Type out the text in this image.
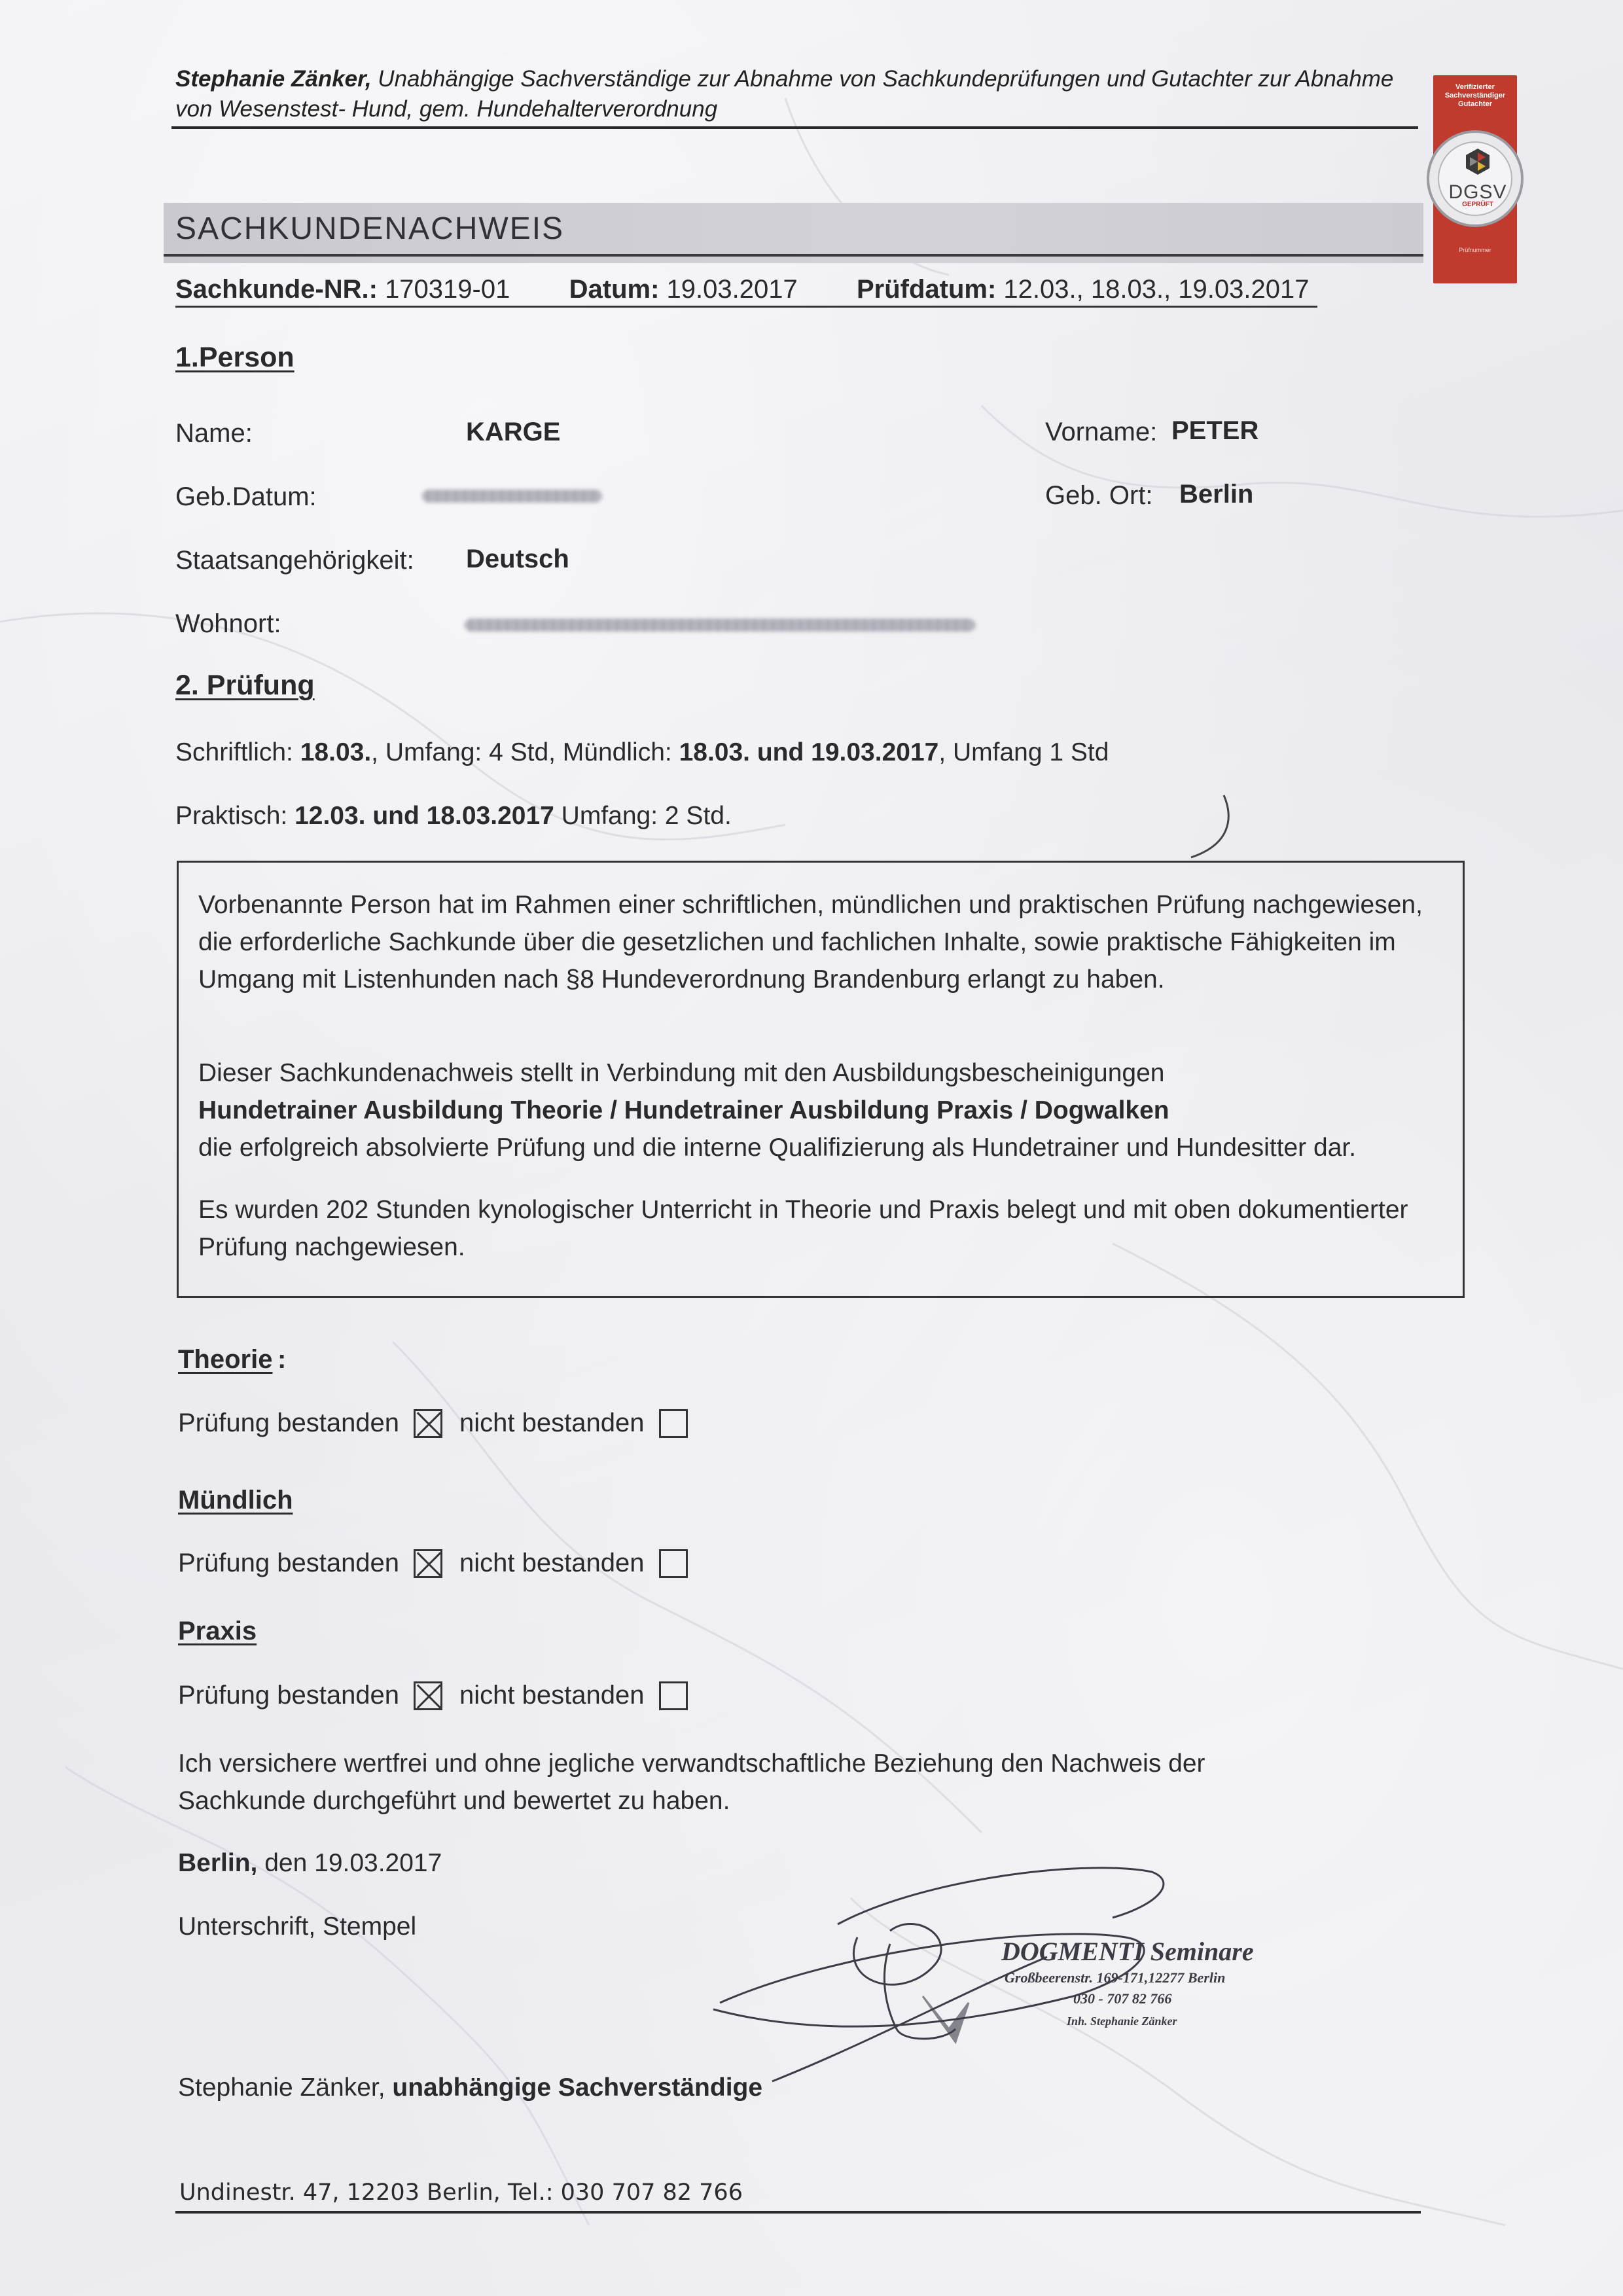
Stephanie Zänker, Unabhängige Sachverständige zur Abnahme von Sachkundeprüfungen und Gutachter zur Abnahme von Wesenstest- Hund, gem. Hundehalterverordnung
Verifizierter Sachverständiger Gutachter
DGSV
GEPRÜFT
Prüfnummer
SACHKUNDENACHWEIS
Sachkunde-NR.: 170319-01 Datum: 19.03.2017 Prüfdatum: 12.03., 18.03., 19.03.2017
1.Person
Name:	KARGE	Vorname: PETER
Geb.Datum:	Geb. Ort: Berlin
Staatsangehörigkeit: Deutsch
Wohnort:
2. Prüfung
Schriftlich: 18.03., Umfang: 4 Std, Mündlich: 18.03. und 19.03.2017, Umfang 1 Std
Praktisch: 12.03. und 18.03.2017 Umfang: 2 Std.
Vorbenannte Person hat im Rahmen einer schriftlichen, mündlichen und praktischen Prüfung nachgewiesen, die erforderliche Sachkunde über die gesetzlichen und fachlichen Inhalte, sowie praktische Fähigkeiten im Umgang mit Listenhunden nach §8 Hundeverordnung Brandenburg erlangt zu haben.
Dieser Sachkundenachweis stellt in Verbindung mit den Ausbildungsbescheinigungen
Hundetrainer Ausbildung Theorie / Hundetrainer Ausbildung Praxis / Dogwalken
die erfolgreich absolvierte Prüfung und die interne Qualifizierung als Hundetrainer und Hundesitter dar.
Es wurden 202 Stunden kynologischer Unterricht in Theorie und Praxis belegt und mit oben dokumentierter Prüfung nachgewiesen.
Theorie :
Prüfung bestanden nicht bestanden
Mündlich
Prüfung bestanden nicht bestanden
Praxis
Prüfung bestanden nicht bestanden
Ich versichere wertfrei und ohne jegliche verwandtschaftliche Beziehung den Nachweis der Sachkunde durchgeführt und bewertet zu haben.
Berlin, den 19.03.2017
Unterschrift, Stempel
DOGMENTI Seminare
Großbeerenstr. 169-171,12277 Berlin
030 - 707 82 766
Inh. Stephanie Zänker
Stephanie Zänker, unabhängige Sachverständige
Undinestr. 47, 12203 Berlin, Tel.: 030 707 82 766
